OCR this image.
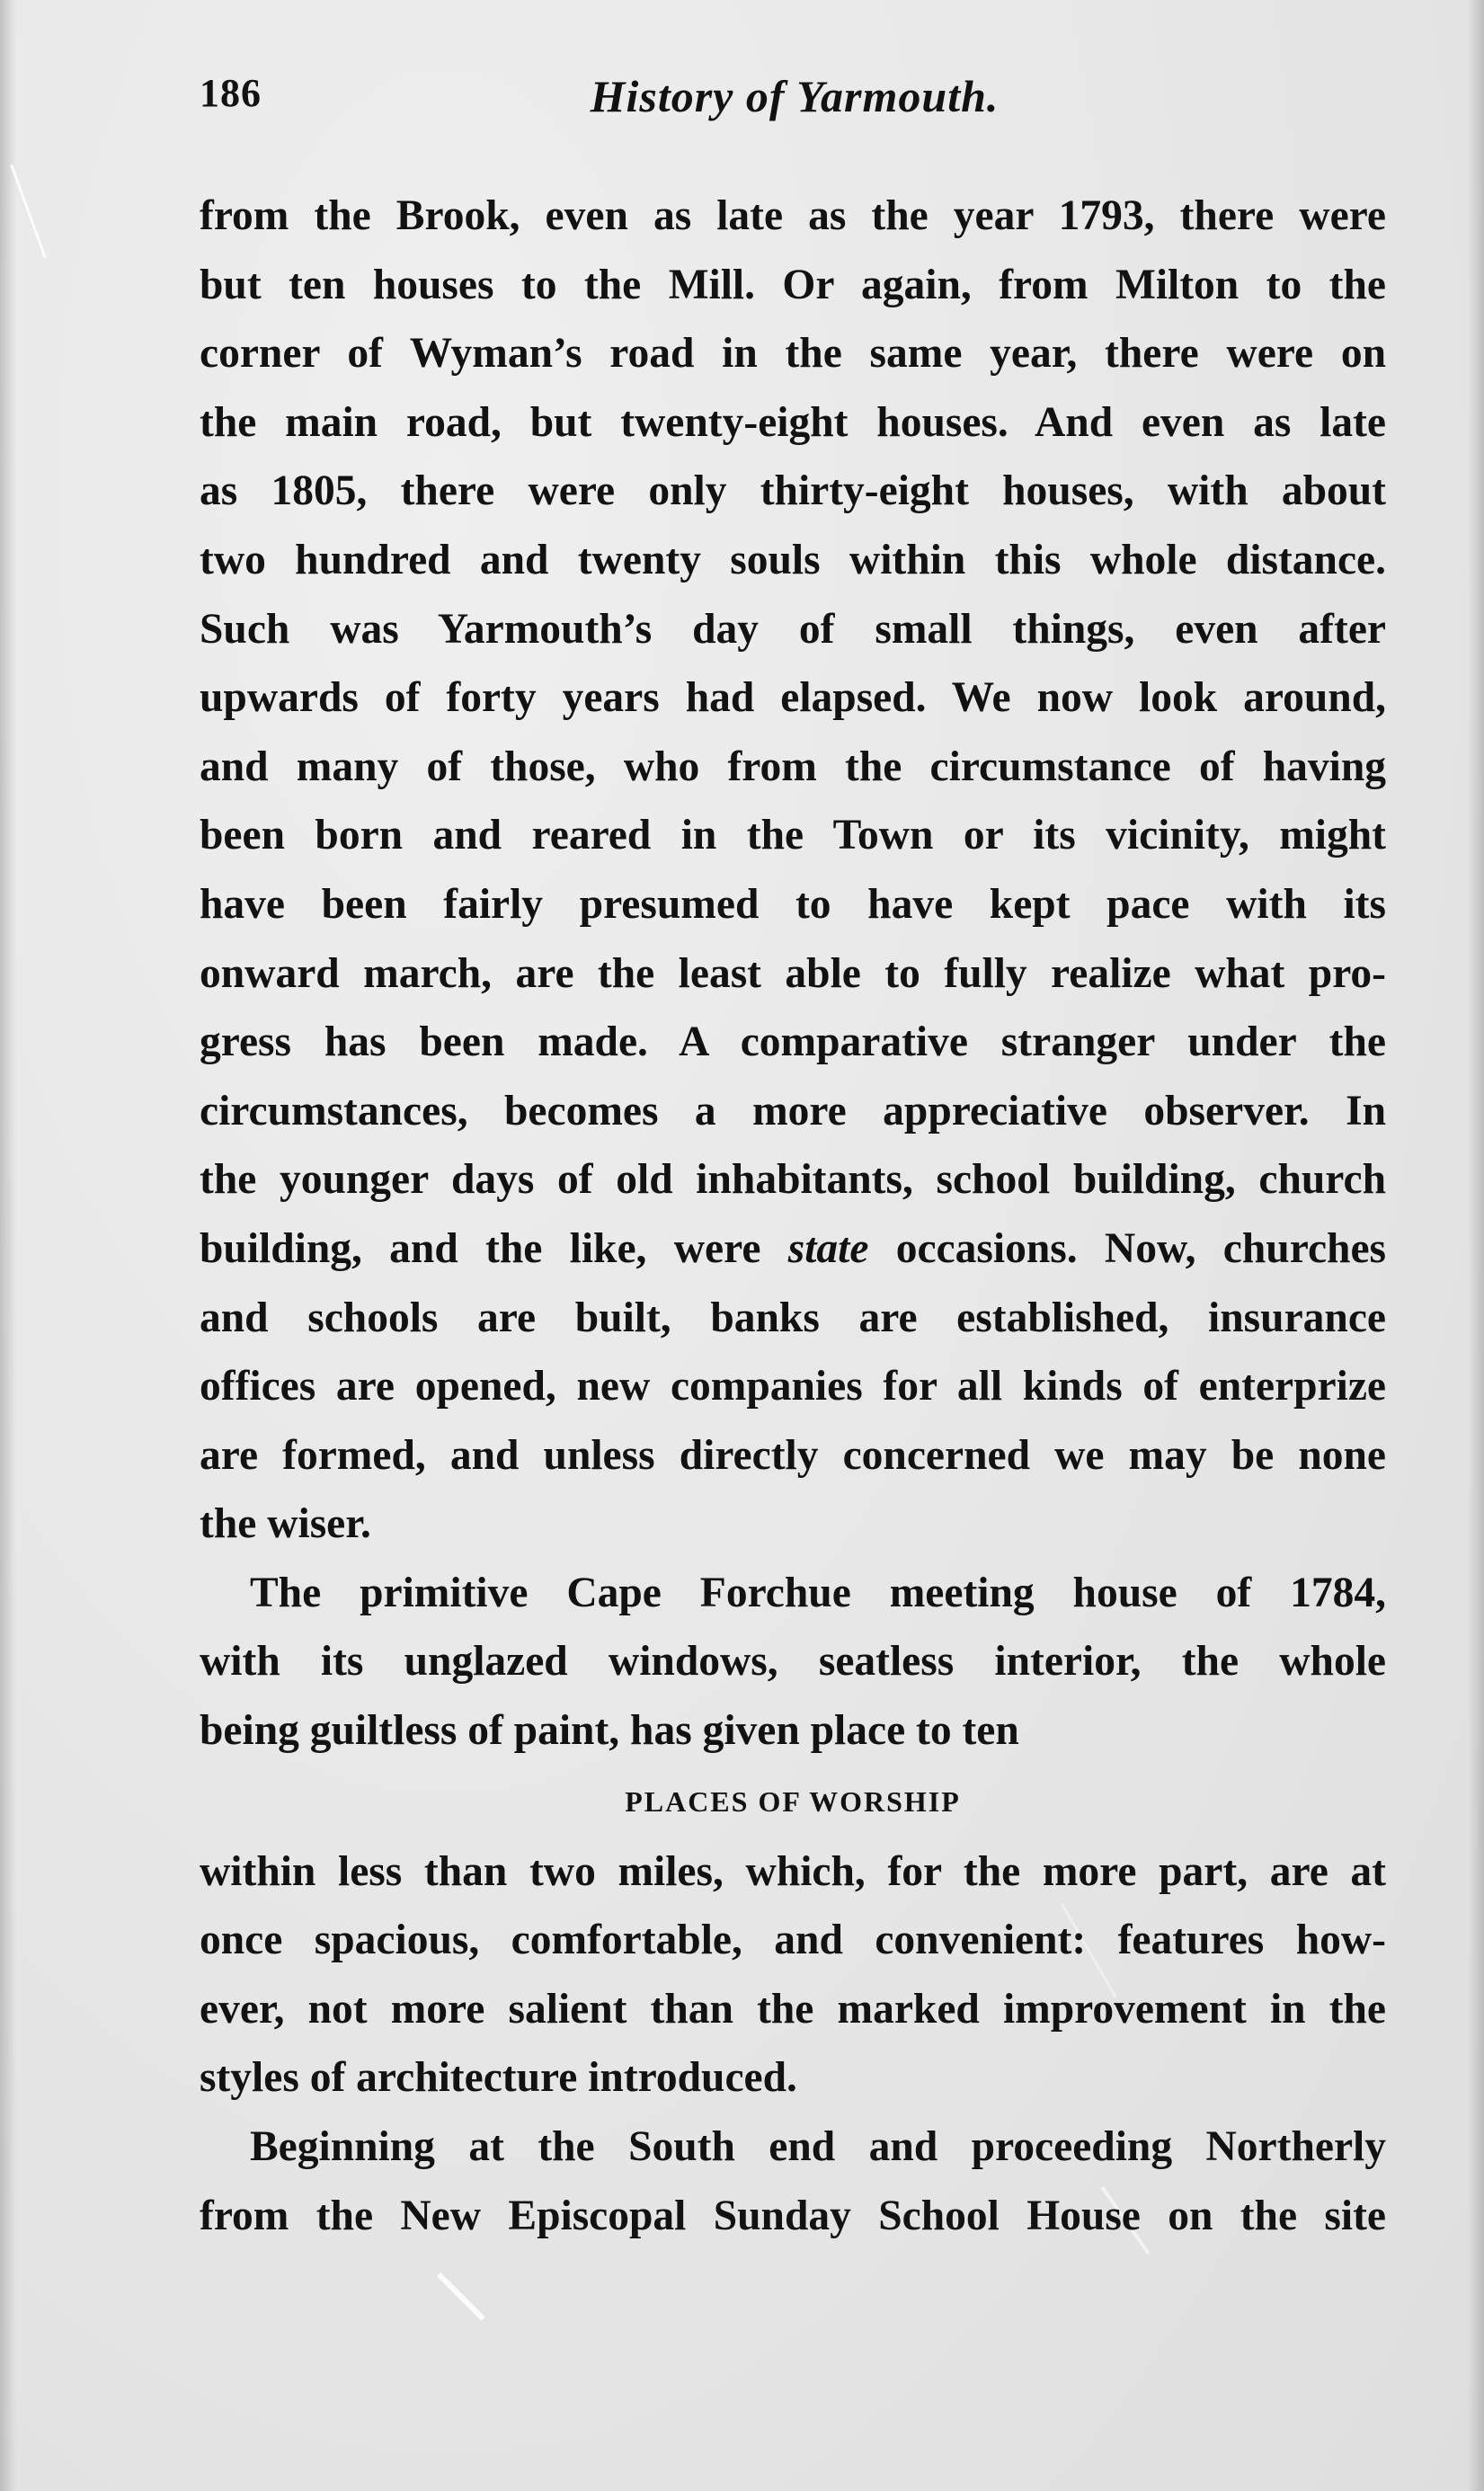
186	History of Yarmouth.
from the Brook, even as late as the year 1793, there were
but ten houses to the Mill. Or again, from Milton to the
corner of Wyman’s road in the same year, there were on
the main road, but twenty-eight houses. And even as late
as 1805, there were only thirty-eight houses, with about
two hundred and twenty souls within this whole distance.
Such was Yarmouth’s day of small things, even after
upwards of forty years had elapsed. We now look around,
and many of those, who from the circumstance of having
been born and reared in the Town or its vicinity, might
have been fairly presumed to have kept pace with its
onward march, are the least able to fully realize what pro-
gress has been made. A comparative stranger under the
circumstances, becomes a more appreciative observer. In
the younger days of old inhabitants, school building, church
building, and the like, were state occasions. Now, churches
and schools are built, banks are established, insurance
offices are opened, new companies for all kinds of enterprize
are formed, and unless directly concerned we may be none
the wiser.
The primitive Cape Forchue meeting house of 1784,
with its unglazed windows, seatless interior, the whole
being guiltless of paint, has given place to ten
PLACES OF WORSHIP
within less than two miles, which, for the more part, are at
once spacious, comfortable, and convenient: features how-
ever, not more salient than the marked improvement in the
styles of architecture introduced.
Beginning at the South end and proceeding Northerly
from the New Episcopal Sunday School House on the site
